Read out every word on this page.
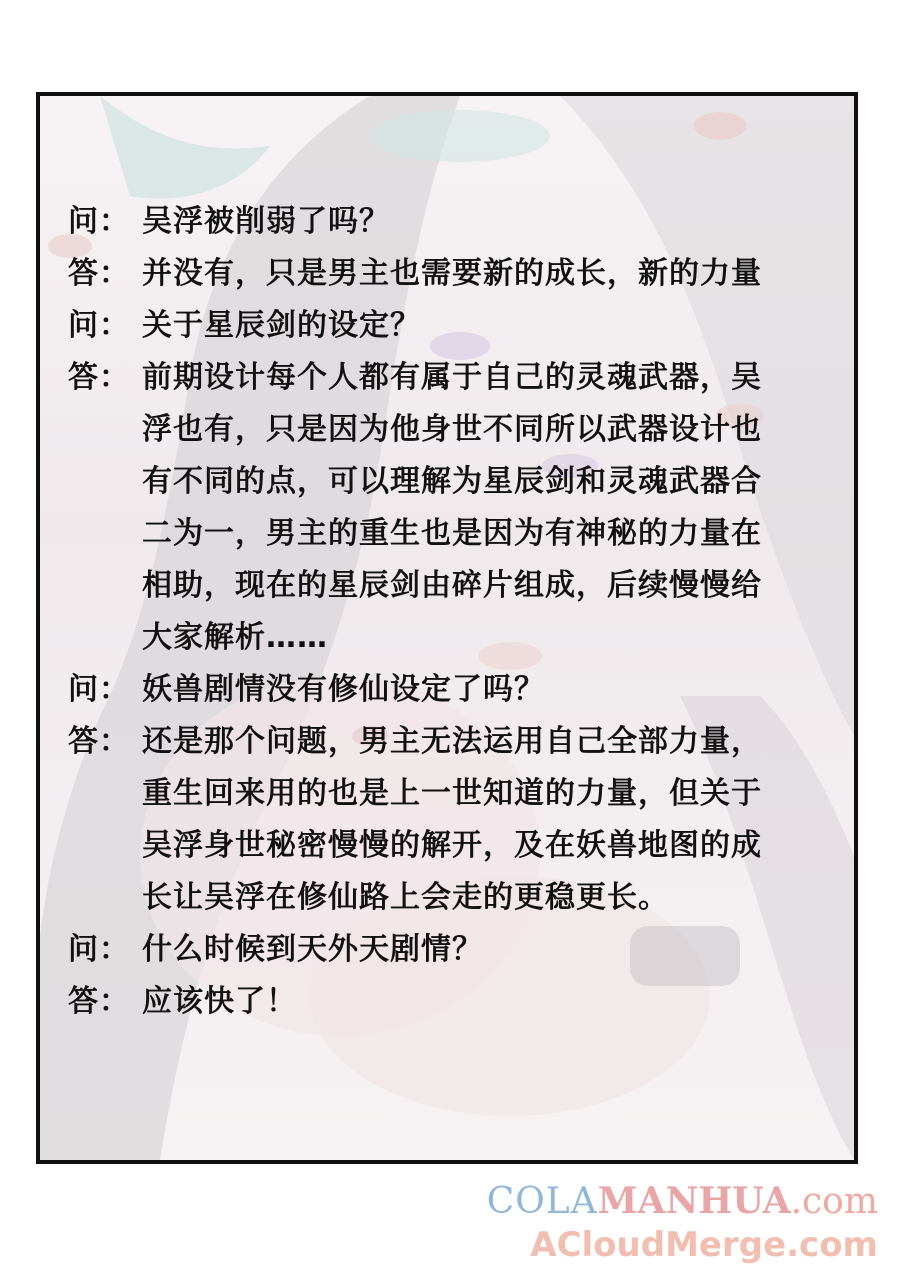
问： 吴浮被削弱了吗？
答： 并没有，只是男主也需要新的成长，新的力量
问： 关于星辰剑的设定？
答： 前期设计每个人都有属于自己的灵魂武器，吴
浮也有，只是因为他身世不同所以武器设计也
有不同的点，可以理解为星辰剑和灵魂武器合
二为一，男主的重生也是因为有神秘的力量在
相助，现在的星辰剑由碎片组成，后续慢慢给
大家解析……
问： 妖兽剧情没有修仙设定了吗？
答： 还是那个问题，男主无法运用自己全部力量，
重生回来用的也是上一世知道的力量，但关于
吴浮身世秘密慢慢的解开，及在妖兽地图的成
长让吴浮在修仙路上会走的更稳更长。
问： 什么时候到天外天剧情？
答： 应该快了！
COLAMANHUA.com
ACloudMerge.com
